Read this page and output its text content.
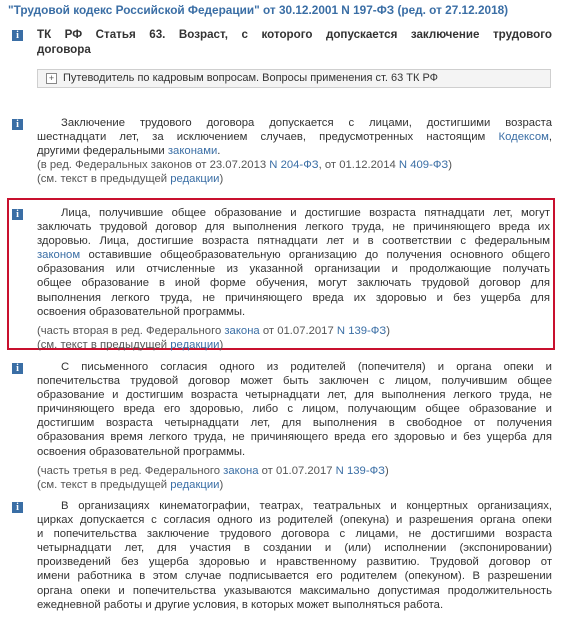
"Трудовой кодекс Российской Федерации" от 30.12.2001 N 197-ФЗ (ред. от 27.12.2018)
i	ТК РФ Статья 63. Возраст, с которого допускается заключение трудового
договора
+ Путеводитель по кадровым вопросам. Вопросы применения ст. 63 ТК РФ
i	Заключение трудового договора допускается с лицами, достигшими возраста
шестнадцати лет, за исключением случаев, предусмотренных настоящим Кодексом,
другими федеральными законами.
(в ред. Федеральных законов от 23.07.2013 N 204-ФЗ, от 01.12.2014 N 409-ФЗ)
(см. текст в предыдущей редакции)
i	Лица, получившие общее образование и достигшие возраста пятнадцати лет, могут
заключать трудовой договор для выполнения легкого труда, не причиняющего вреда их
здоровью. Лица, достигшие возраста пятнадцати лет и в соответствии с федеральным
законом оставившие общеобразовательную организацию до получения основного общего
образования или отчисленные из указанной организации и продолжающие получать
общее образование в иной форме обучения, могут заключать трудовой договор для
выполнения легкого труда, не причиняющего вреда их здоровью и без ущерба для
освоения образовательной программы.
(часть вторая в ред. Федерального закона от 01.07.2017 N 139-ФЗ)
(см. текст в предыдущей редакции)
i	С письменного согласия одного из родителей (попечителя) и органа опеки и
попечительства трудовой договор может быть заключен с лицом, получившим общее
образование и достигшим возраста четырнадцати лет, для выполнения легкого труда, не
причиняющего вреда его здоровью, либо с лицом, получающим общее образование и
достигшим возраста четырнадцати лет, для выполнения в свободное от получения
образования время легкого труда, не причиняющего вреда его здоровью и без ущерба для
освоения образовательной программы.
(часть третья в ред. Федерального закона от 01.07.2017 N 139-ФЗ)
(см. текст в предыдущей редакции)
i	В организациях кинематографии, театрах, театральных и концертных организациях,
цирках допускается с согласия одного из родителей (опекуна) и разрешения органа опеки
и попечительства заключение трудового договора с лицами, не достигшими возраста
четырнадцати лет, для участия в создании и (или) исполнении (экспонировании)
произведений без ущерба здоровью и нравственному развитию. Трудовой договор от
имени работника в этом случае подписывается его родителем (опекуном). В разрешении
органа опеки и попечительства указываются максимально допустимая продолжительность
ежедневной работы и другие условия, в которых может выполняться работа.
